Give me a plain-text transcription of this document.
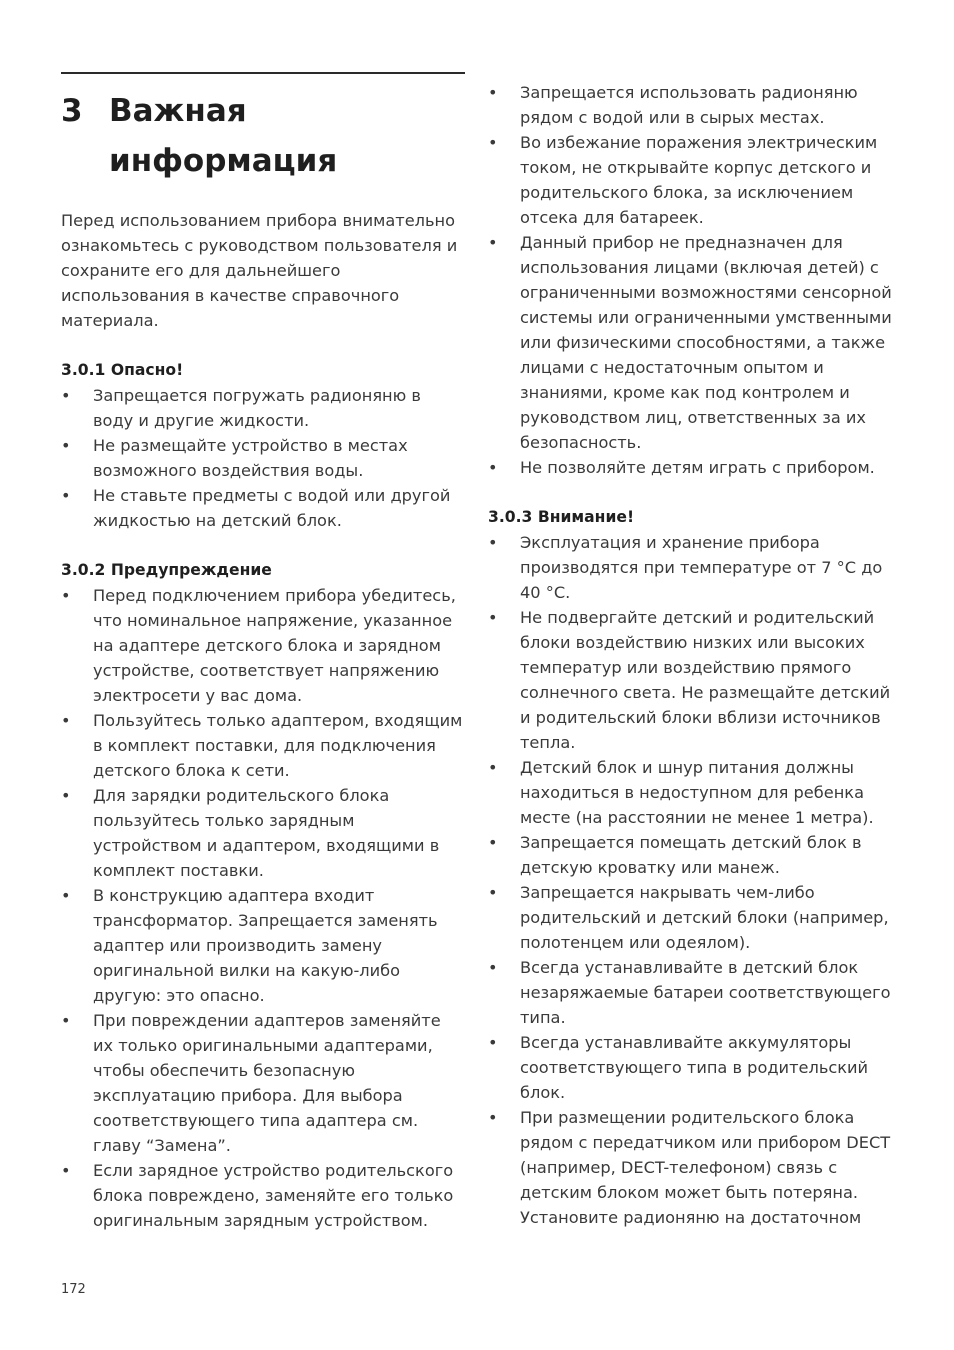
3 Важная
информация

Перед использованием прибора внимательно ознакомьтесь с руководством пользователя и сохраните его для дальнейшего использования в качестве справочного материала.

3.0.1 Опасно!
• Запрещается погружать радионяню в воду и другие жидкости.
• Не размещайте устройство в местах возможного воздействия воды.
• Не ставьте предметы с водой или другой жидкостью на детский блок.
3.0.2 Предупреждение
• Перед подключением прибора убедитесь, что номинальное напряжение, указанное на адаптере детского блока и зарядном устройстве, соответствует напряжению электросети у вас дома.
• Пользуйтесь только адаптером, входящим в комплект поставки, для подключения детского блока к сети.
• Для зарядки родительского блока пользуйтесь только зарядным устройством и адаптером, входящими в комплект поставки.
• В конструкцию адаптера входит трансформатор. Запрещается заменять адаптер или производить замену оригинальной вилки на какую-либо другую: это опасно.
• При повреждении адаптеров заменяйте их только оригинальными адаптерами, чтобы обеспечить безопасную эксплуатацию прибора. Для выбора соответствующего типа адаптера см. главу “Замена”.
• Если зарядное устройство родительского блока повреждено, заменяйте его только оригинальным зарядным устройством.
• Запрещается использовать радионяню рядом с водой или в сырых местах.
• Во избежание поражения электрическим током, не открывайте корпус детского и родительского блока, за исключением отсека для батареек.
• Данный прибор не предназначен для использования лицами (включая детей) с ограниченными возможностями сенсорной системы или ограниченными умственными или физическими способностями, а также лицами с недостаточным опытом и знаниями, кроме как под контролем и руководством лиц, ответственных за их безопасность.
• Не позволяйте детям играть с прибором.
3.0.3 Внимание!
• Эксплуатация и хранение прибора производятся при температуре от 7 °C до 40 °C.
• Не подвергайте детский и родительский блоки воздействию низких или высоких температур или воздействию прямого солнечного света. Не размещайте детский и родительский блоки вблизи источников тепла.
• Детский блок и шнур питания должны находиться в недоступном для ребенка месте (на расстоянии не менее 1 метра).
• Запрещается помещать детский блок в детскую кроватку или манеж.
• Запрещается накрывать чем-либо родительский и детский блоки (например, полотенцем или одеялом).
• Всегда устанавливайте в детский блок незаряжаемые батареи соответствующего типа.
• Всегда устанавливайте аккумуляторы соответствующего типа в родительский блок.
• При размещении родительского блока рядом с передатчиком или прибором DECT (например, DECT-телефоном) связь с детским блоком может быть потеряна. Установите радионяню на достаточном
172
